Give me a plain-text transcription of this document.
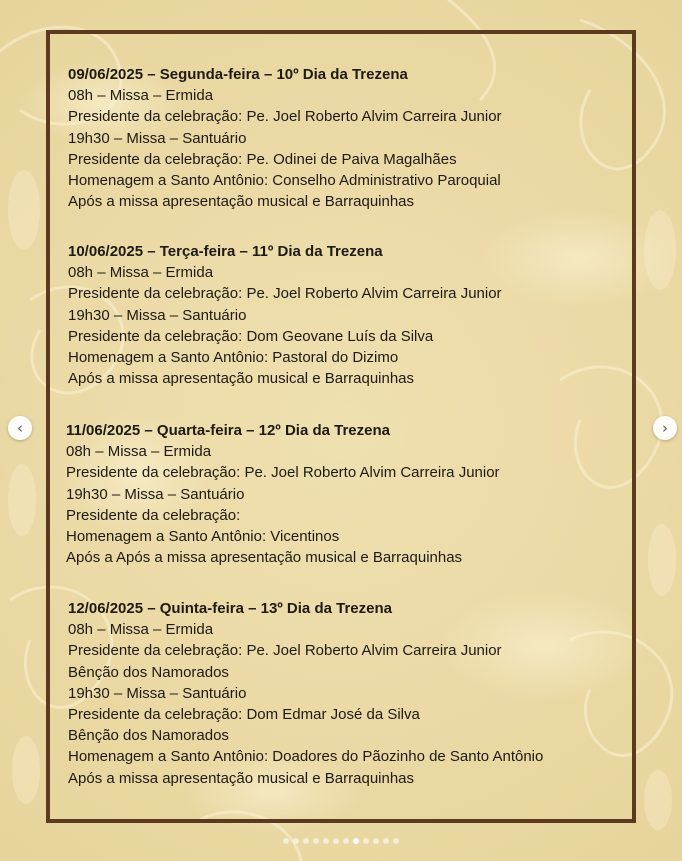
09/06/2025 – Segunda-feira – 10º Dia da Trezena
08h – Missa – Ermida
Presidente da celebração: Pe. Joel Roberto Alvim Carreira Junior
19h30 – Missa – Santuário
Presidente da celebração: Pe. Odinei de Paiva Magalhães
Homenagem a Santo Antônio: Conselho Administrativo Paroquial
Após a missa apresentação musical e Barraquinhas
10/06/2025 – Terça-feira – 11º Dia da Trezena
08h – Missa – Ermida
Presidente da celebração: Pe. Joel Roberto Alvim Carreira Junior
19h30 – Missa – Santuário
Presidente da celebração: Dom Geovane Luís da Silva
Homenagem a Santo Antônio: Pastoral do Dizimo
Após a missa apresentação musical e Barraquinhas
11/06/2025 – Quarta-feira – 12º Dia da Trezena
08h – Missa – Ermida
Presidente da celebração: Pe. Joel Roberto Alvim Carreira Junior
19h30 – Missa – Santuário
Presidente da celebração:
Homenagem a Santo Antônio: Vicentinos
Após a Após a missa apresentação musical e Barraquinhas
12/06/2025 – Quinta-feira – 13º Dia da Trezena
08h – Missa – Ermida
Presidente da celebração: Pe. Joel Roberto Alvim Carreira Junior
Bênção dos Namorados
19h30 – Missa – Santuário
Presidente da celebração: Dom Edmar José da Silva
Bênção dos Namorados
Homenagem a Santo Antônio: Doadores do Pãozinho de Santo Antônio
Após a missa apresentação musical e Barraquinhas
‹	›
